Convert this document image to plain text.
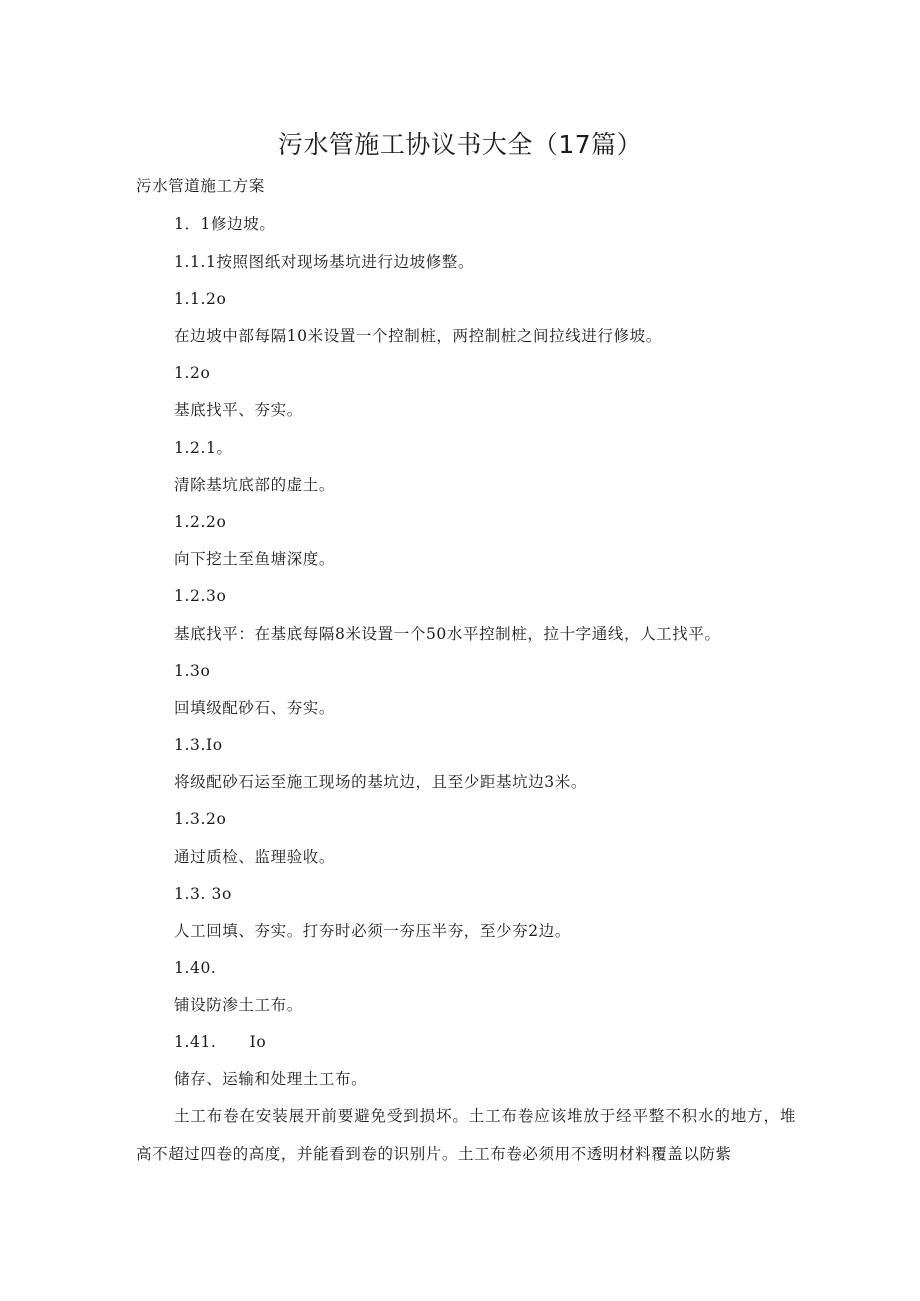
污水管施工协议书大全（17篇）
污水管道施工方案
1．1修边坡。
1.1.1按照图纸对现场基坑进行边坡修整。
1.1.2o
在边坡中部每隔10米设置一个控制桩，两控制桩之间拉线进行修坡。
1.2o
基底找平、夯实。
1.2.1。
清除基坑底部的虚土。
1.2.2o
向下挖土至鱼塘深度。
1.2.3o
基底找平：在基底每隔8米设置一个50水平控制桩，拉十字通线，人工找平。
1.3o
回填级配砂石、夯实。
1.3.Io
将级配砂石运至施工现场的基坑边，且至少距基坑边3米。
1.3.2o
通过质检、监理验收。
1.3. 3o
人工回填、夯实。打夯时必须一夯压半夯，至少夯2边。
1.40.
铺设防渗土工布。
1.41.      Io
储存、运输和处理土工布。

土工布卷在安装展开前要避免受到损坏。土工布卷应该堆放于经平整不积水的地方，堆高不超过四卷的高度，并能看到卷的识别片。土工布卷必须用不透明材料覆盖以防紫
